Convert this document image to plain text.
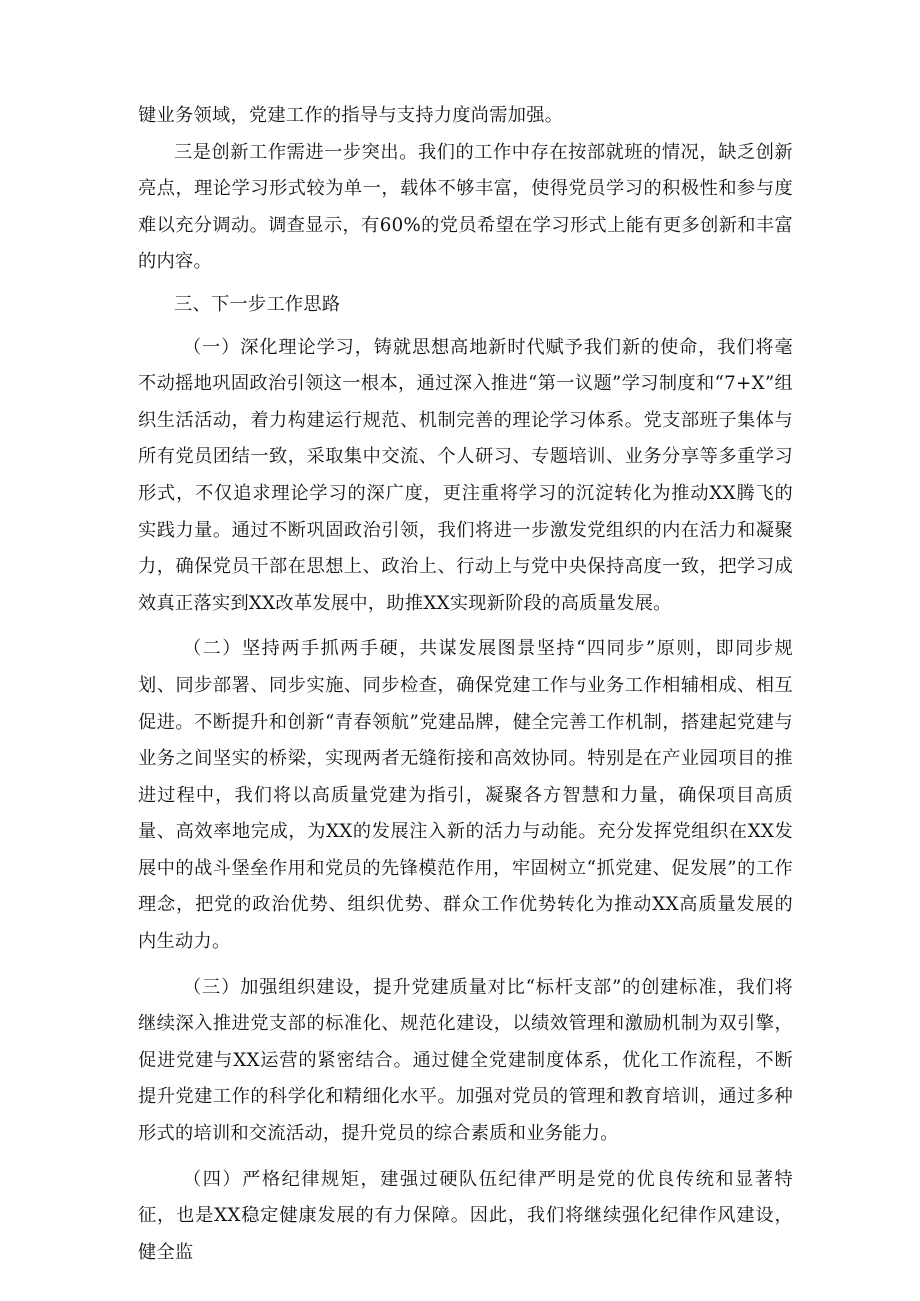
键业务领域，党建工作的指导与支持力度尚需加强。

三是创新工作需进一步突出。我们的工作中存在按部就班的情况，缺乏创新亮点，理论学习形式较为单一，载体不够丰富，使得党员学习的积极性和参与度难以充分调动。调查显示，有60%的党员希望在学习形式上能有更多创新和丰富的内容。

三、下一步工作思路

（一）深化理论学习，铸就思想高地新时代赋予我们新的使命，我们将毫不动摇地巩固政治引领这一根本，通过深入推进“第一议题”学习制度和“7+X”组织生活活动，着力构建运行规范、机制完善的理论学习体系。党支部班子集体与所有党员团结一致，采取集中交流、个人研习、专题培训、业务分享等多重学习形式，不仅追求理论学习的深广度，更注重将学习的沉淀转化为推动XX腾飞的实践力量。通过不断巩固政治引领，我们将进一步激发党组织的内在活力和凝聚力，确保党员干部在思想上、政治上、行动上与党中央保持高度一致，把学习成效真正落实到XX改革发展中，助推XX实现新阶段的高质量发展。

（二）坚持两手抓两手硬，共谋发展图景坚持“四同步”原则，即同步规划、同步部署、同步实施、同步检查，确保党建工作与业务工作相辅相成、相互促进。不断提升和创新“青春领航”党建品牌，健全完善工作机制，搭建起党建与业务之间坚实的桥梁，实现两者无缝衔接和高效协同。特别是在产业园项目的推进过程中，我们将以高质量党建为指引，凝聚各方智慧和力量，确保项目高质量、高效率地完成，为XX的发展注入新的活力与动能。充分发挥党组织在XX发展中的战斗堡垒作用和党员的先锋模范作用，牢固树立“抓党建、促发展”的工作理念，把党的政治优势、组织优势、群众工作优势转化为推动XX高质量发展的内生动力。

（三）加强组织建设，提升党建质量对比“标杆支部”的创建标准，我们将继续深入推进党支部的标准化、规范化建设，以绩效管理和激励机制为双引擎，促进党建与XX运营的紧密结合。通过健全党建制度体系，优化工作流程，不断提升党建工作的科学化和精细化水平。加强对党员的管理和教育培训，通过多种形式的培训和交流活动，提升党员的综合素质和业务能力。

（四）严格纪律规矩，建强过硬队伍纪律严明是党的优良传统和显著特征，也是XX稳定健康发展的有力保障。因此，我们将继续强化纪律作风建设，健全监
